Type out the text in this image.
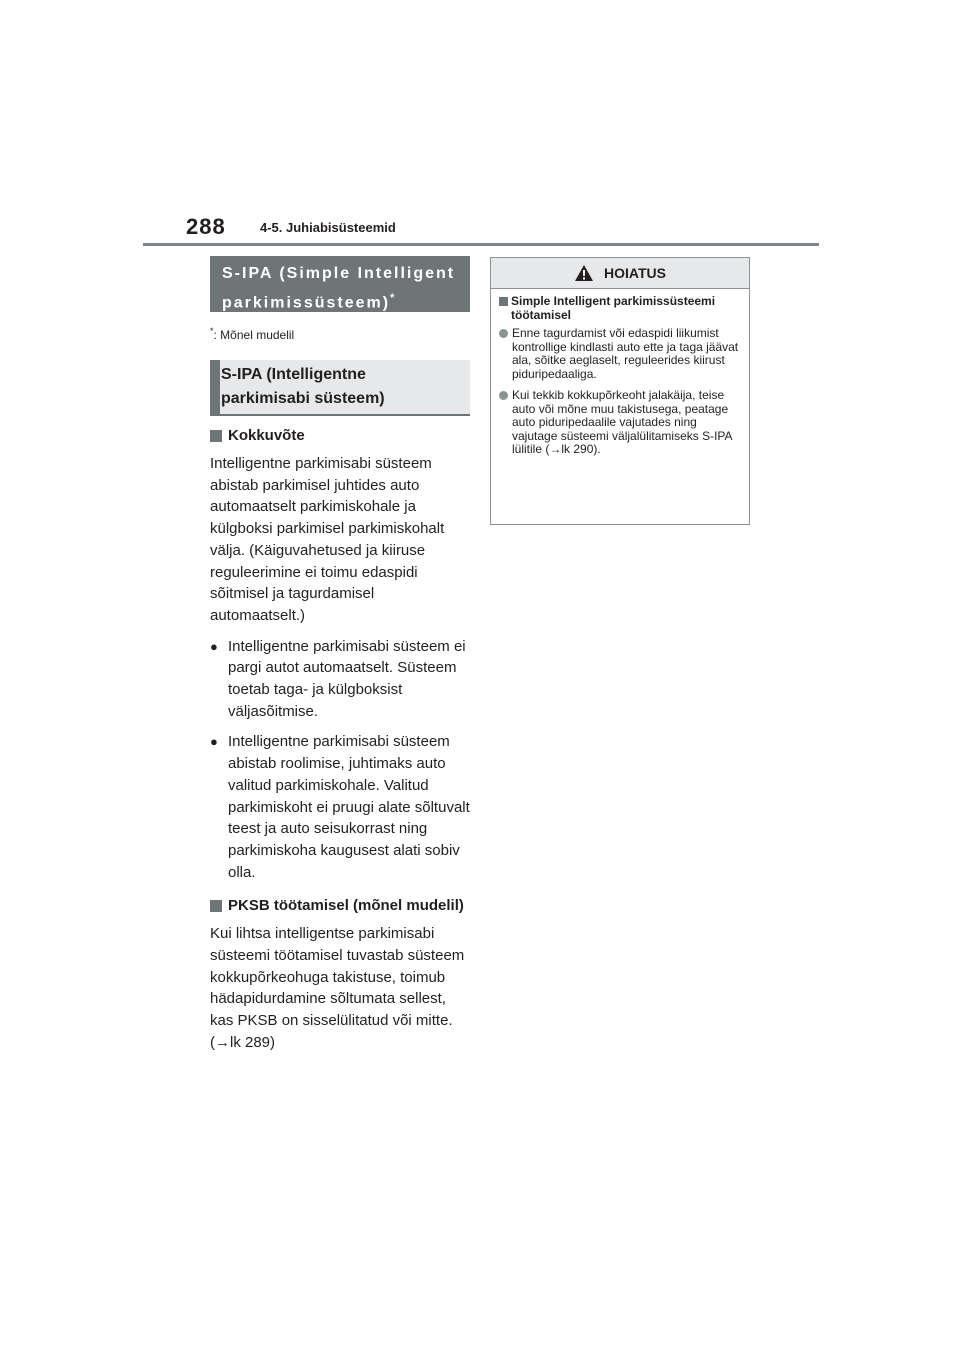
288	4-5. Juhiabisüsteemid
S-IPA (Simple Intelligent
parkimissüsteem)*

*: Mõnel mudelil

S-IPA (Intelligentne
parkimisabi süsteem)
Kokkuvõte
Intelligentne parkimisabi süsteem abistab parkimisel juhtides auto automaatselt parkimiskohale ja külgboksi parkimisel parkimiskohalt välja. (Käiguvahetused ja kiiruse reguleerimine ei toimu edaspidi sõitmisel ja tagurdamisel automaatselt.)
● Intelligentne parkimisabi süsteem ei pargi autot automaatselt. Süsteem toetab taga- ja külgboksist väljasõitmise.
● Intelligentne parkimisabi süsteem abistab roolimise, juhtimaks auto valitud parkimiskohale. Valitud parkimiskoht ei pruugi alate sõltuvalt teest ja auto seisukorrast ning parkimiskoha kaugusest alati sobiv olla.
PKSB töötamisel (mõnel mudelil)
Kui lihtsa intelligentse parkimisabi süsteemi töötamisel tuvastab süsteem kokkupõrkeohuga takistuse, toimub hädapidurdamine sõltumata sellest, kas PKSB on sisselülitatud või mitte. (→lk 289)
HOIATUS
Simple Intelligent parkimissüsteemi töötamisel
Enne tagurdamist või edaspidi liikumist kontrollige kindlasti auto ette ja taga jäävat ala, sõitke aeglaselt, reguleerides kiirust piduripedaaliga.
Kui tekkib kokkupõrkeoht jalakäija, teise auto või mõne muu takistusega, peatage auto piduripedaalile vajutades ning vajutage süsteemi väljalülitamiseks S-IPA lülitile (→lk 290).
